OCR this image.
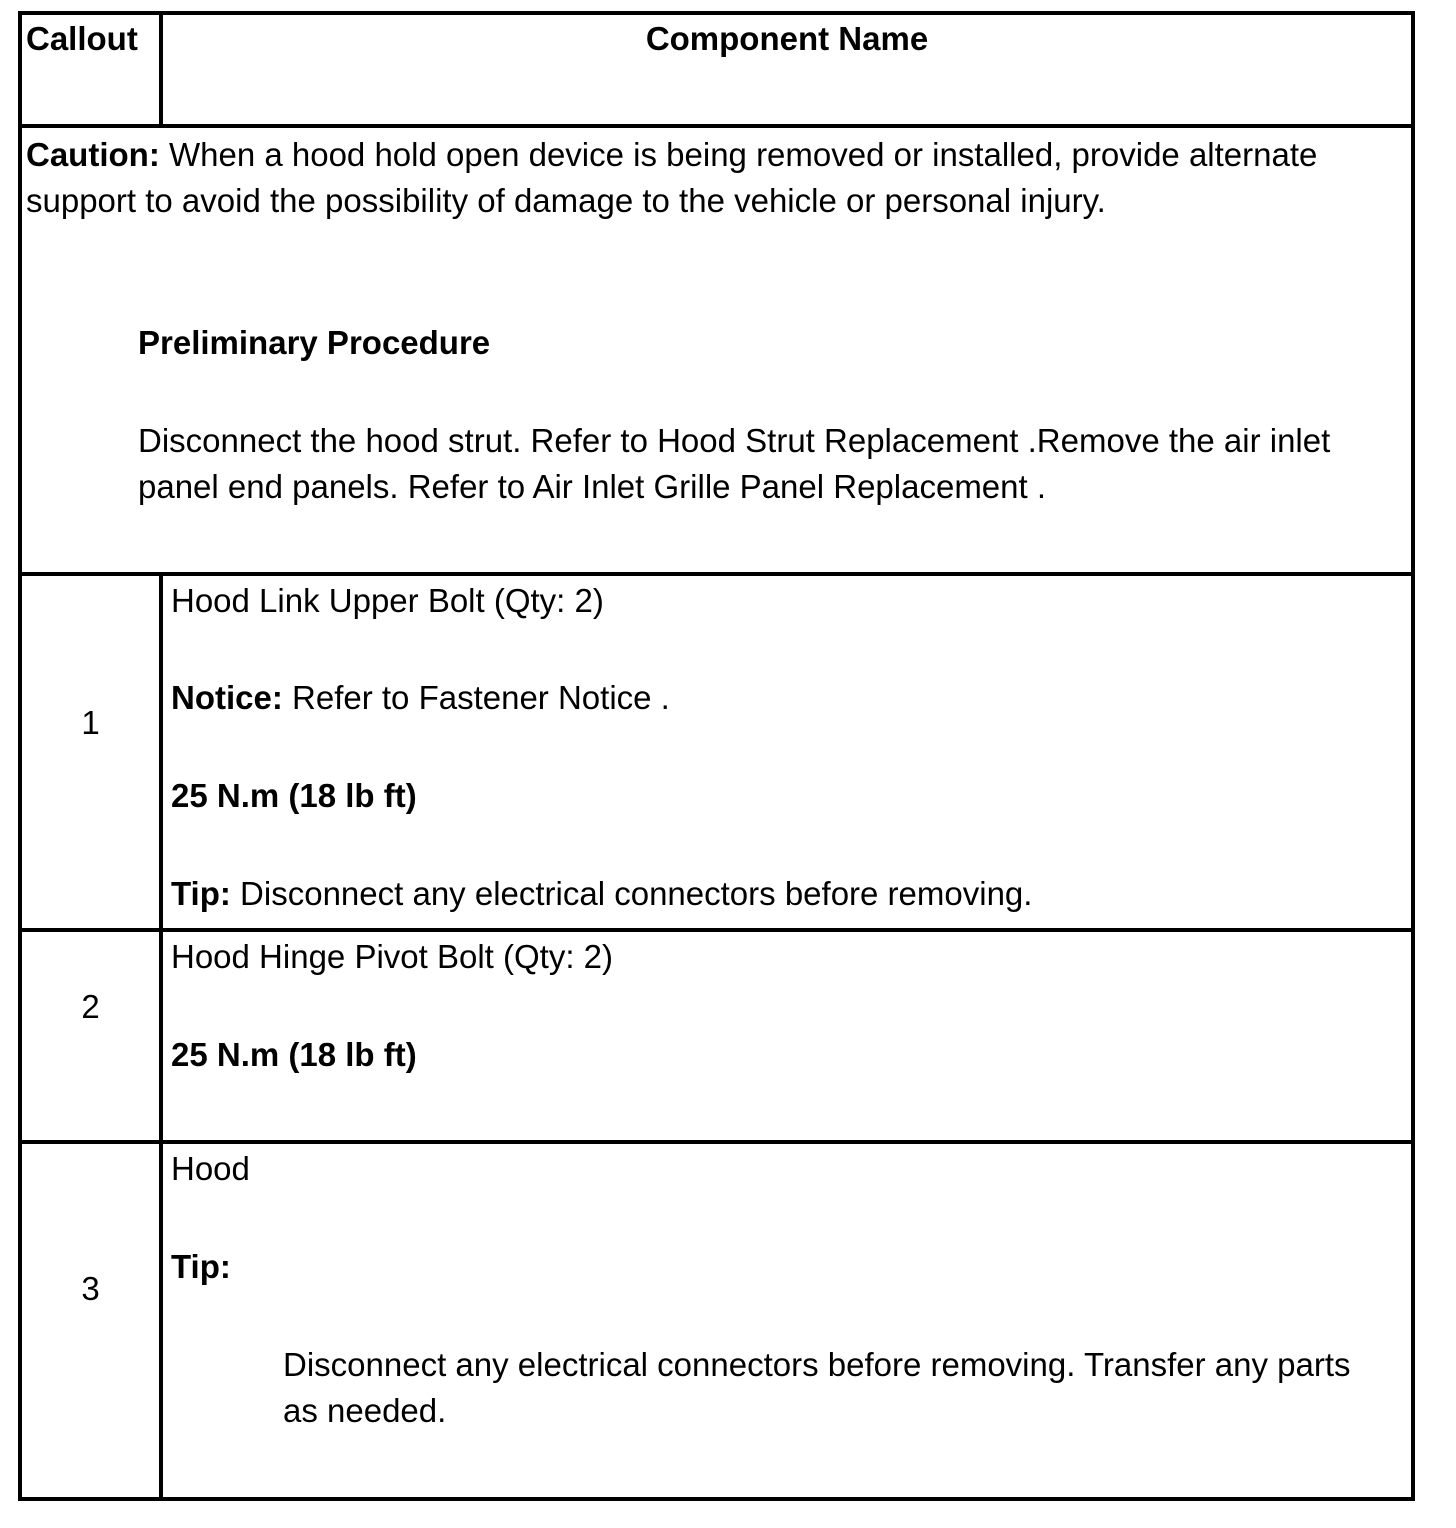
Callout	Component Name
Caution: When a hood hold open device is being removed or installed, provide alternate support to avoid the possibility of damage to the vehicle or personal injury.
Preliminary Procedure
Disconnect the hood strut. Refer to Hood Strut Replacement .Remove the air inlet panel end panels. Refer to Air Inlet Grille Panel Replacement .
1
Hood Link Upper Bolt (Qty: 2)
Notice: Refer to Fastener Notice .
25 N.m (18 lb ft)
Tip: Disconnect any electrical connectors before removing.
2
Hood Hinge Pivot Bolt (Qty: 2)
25 N.m (18 lb ft)
3
Hood
Tip:
Disconnect any electrical connectors before removing. Transfer any parts as needed.
